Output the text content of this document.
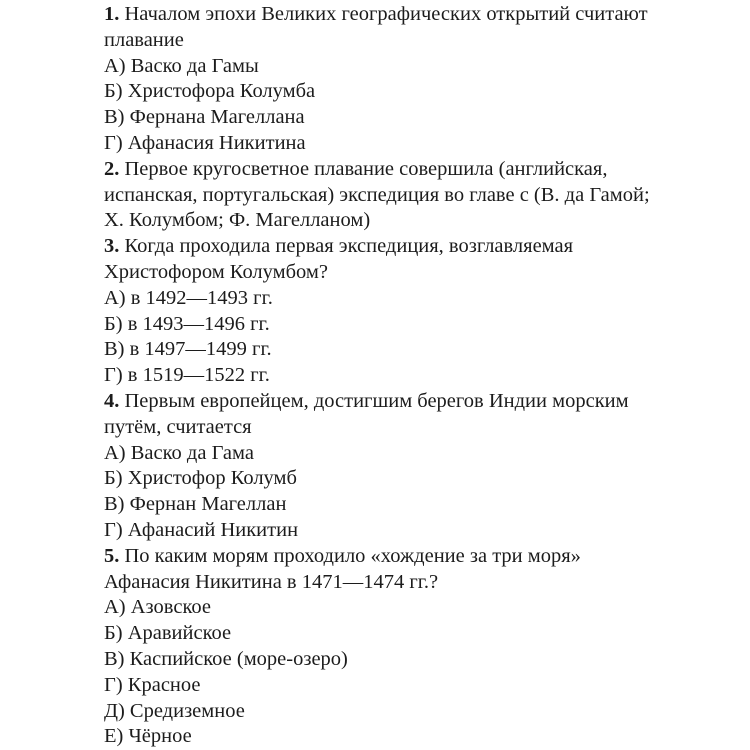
1. Началом эпохи Великих географических открытий считают
плавание
А) Васко да Гамы
Б) Христофора Колумба
В) Фернана Магеллана
Г) Афанасия Никитина
2. Первое кругосветное плавание совершила (английская,
испанская, португальская) экспедиция во главе с (В. да Гамой;
Х. Колумбом; Ф. Магелланом)
3. Когда проходила первая экспедиция, возглавляемая
Христофором Колумбом?
А) в 1492—1493 гг.
Б) в 1493—1496 гг.
В) в 1497—1499 гг.
Г) в 1519—1522 гг.
4. Первым европейцем, достигшим берегов Индии морским
путём, считается
А) Васко да Гама
Б) Христофор Колумб
В) Фернан Магеллан
Г) Афанасий Никитин
5. По каким морям проходило «хождение за три моря»
Афанасия Никитина в 1471—1474 гг.?
А) Азовское
Б) Аравийское
В) Каспийское (море-озеро)
Г) Красное
Д) Средиземное
Е) Чёрное
